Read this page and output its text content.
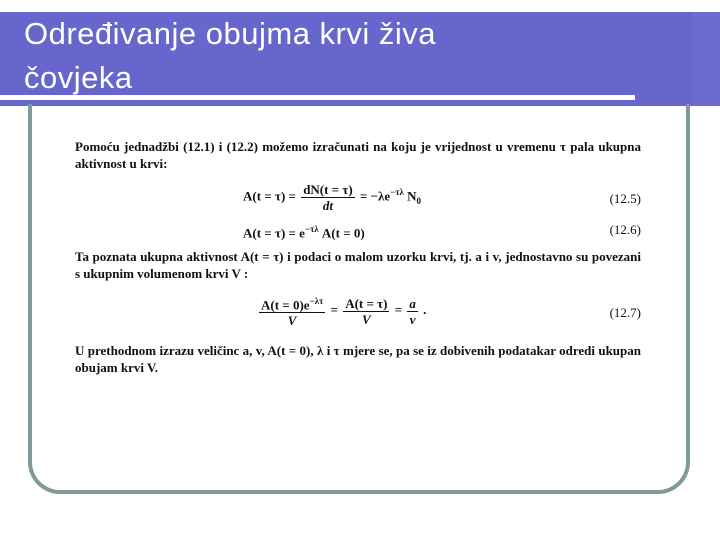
Određivanje obujma krvi živa
čovjeka

Pomoću jednadžbi (12.1) i (12.2) možemo izračunati na koju je vrijednost u vremenu τ pala ukupna aktivnost u krvi:

$A(t = \tau) = \frac{dN(t = \tau)}{dt} = -\lambda e^{-\tau\lambda}$ $N_0$	(12.5)
$A(t = \tau) = e^{-\tau\lambda}$ A(t = 0)	(12.6)

Ta poznata ukupna aktivnost A(t = τ) i podaci o malom uzorku krvi, tj. a i v, jednostavno su povezani s ukupnim volumenom krvi V :

$\frac{A(t = 0)e^{-\lambda\tau}}{V} = \frac{A(t = \tau)}{V} = \frac{a}{v}$ .	(12.7)

U prethodnom izrazu veličinc a, v, A(t = 0), λ i τ mjere se, pa se iz dobivenih podatakar odredi ukupan obujam krvi V.
